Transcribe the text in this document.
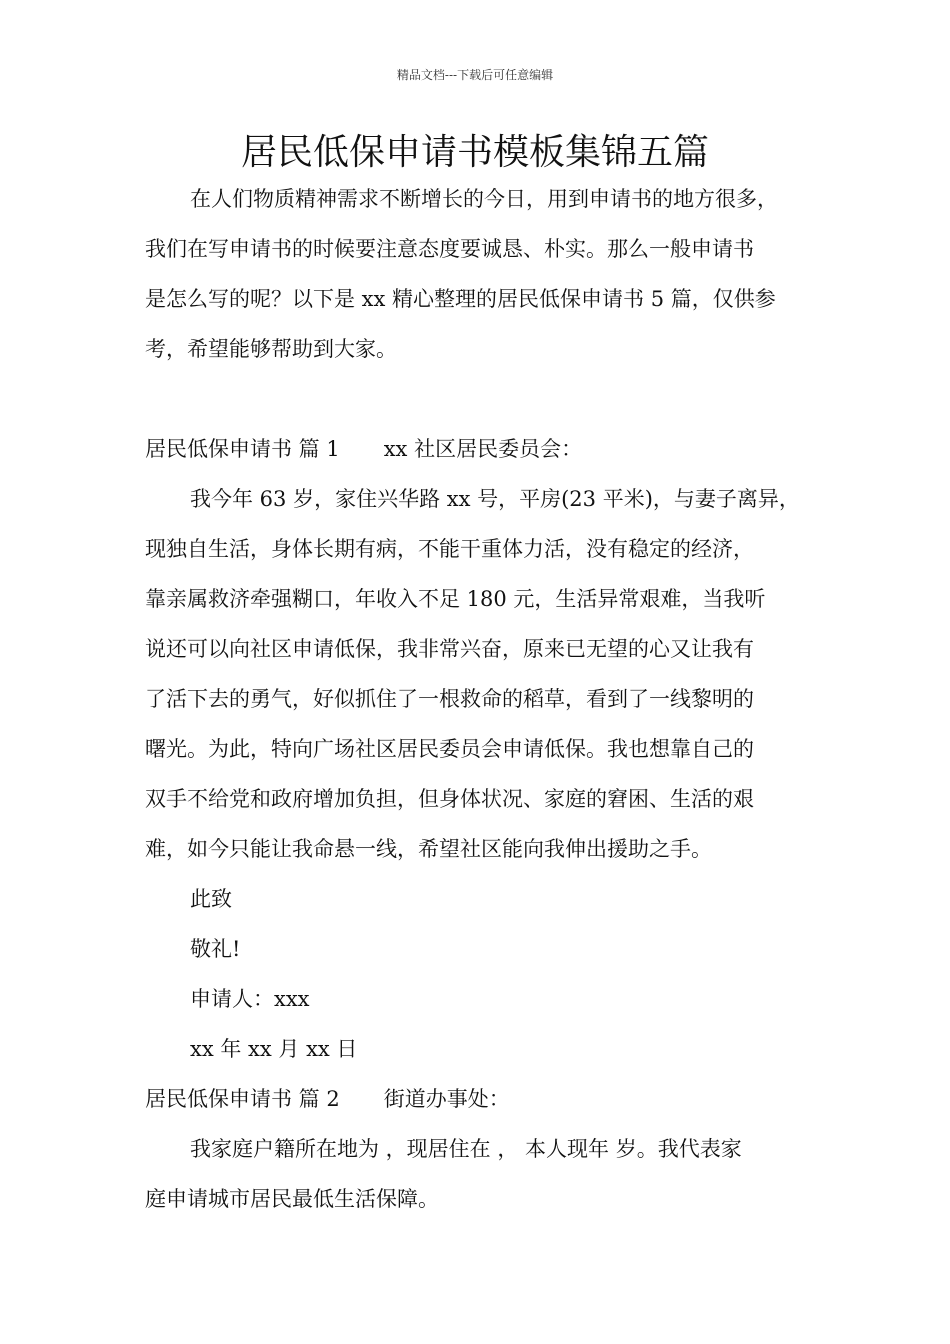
精品文档---下载后可任意编辑
居民低保申请书模板集锦五篇
在人们物质精神需求不断增长的今日，用到申请书的地方很多，
我们在写申请书的时候要注意态度要诚恳、朴实。那么一般申请书
是怎么写的呢？以下是 xx 精心整理的居民低保申请书 5 篇，仅供参
考，希望能够帮助到大家。
居民低保申请书 篇 1 xx 社区居民委员会：
我今年 63 岁，家住兴华路 xx 号，平房(23 平米)，与妻子离异，
现独自生活，身体长期有病，不能干重体力活，没有稳定的经济，
靠亲属救济牵强糊口，年收入不足 180 元，生活异常艰难，当我听
说还可以向社区申请低保，我非常兴奋，原来已无望的心又让我有
了活下去的勇气，好似抓住了一根救命的稻草，看到了一线黎明的
曙光。为此，特向广场社区居民委员会申请低保。我也想靠自己的
双手不给党和政府增加负担，但身体状况、家庭的窘困、生活的艰
难，如今只能让我命悬一线，希望社区能向我伸出援助之手。
此致
敬礼!
申请人：xxx
xx 年 xx 月 xx 日
居民低保申请书 篇 2 街道办事处：
我家庭户籍所在地为 ，现居住在 ， 本人现年 岁。我代表家
庭申请城市居民最低生活保障。
